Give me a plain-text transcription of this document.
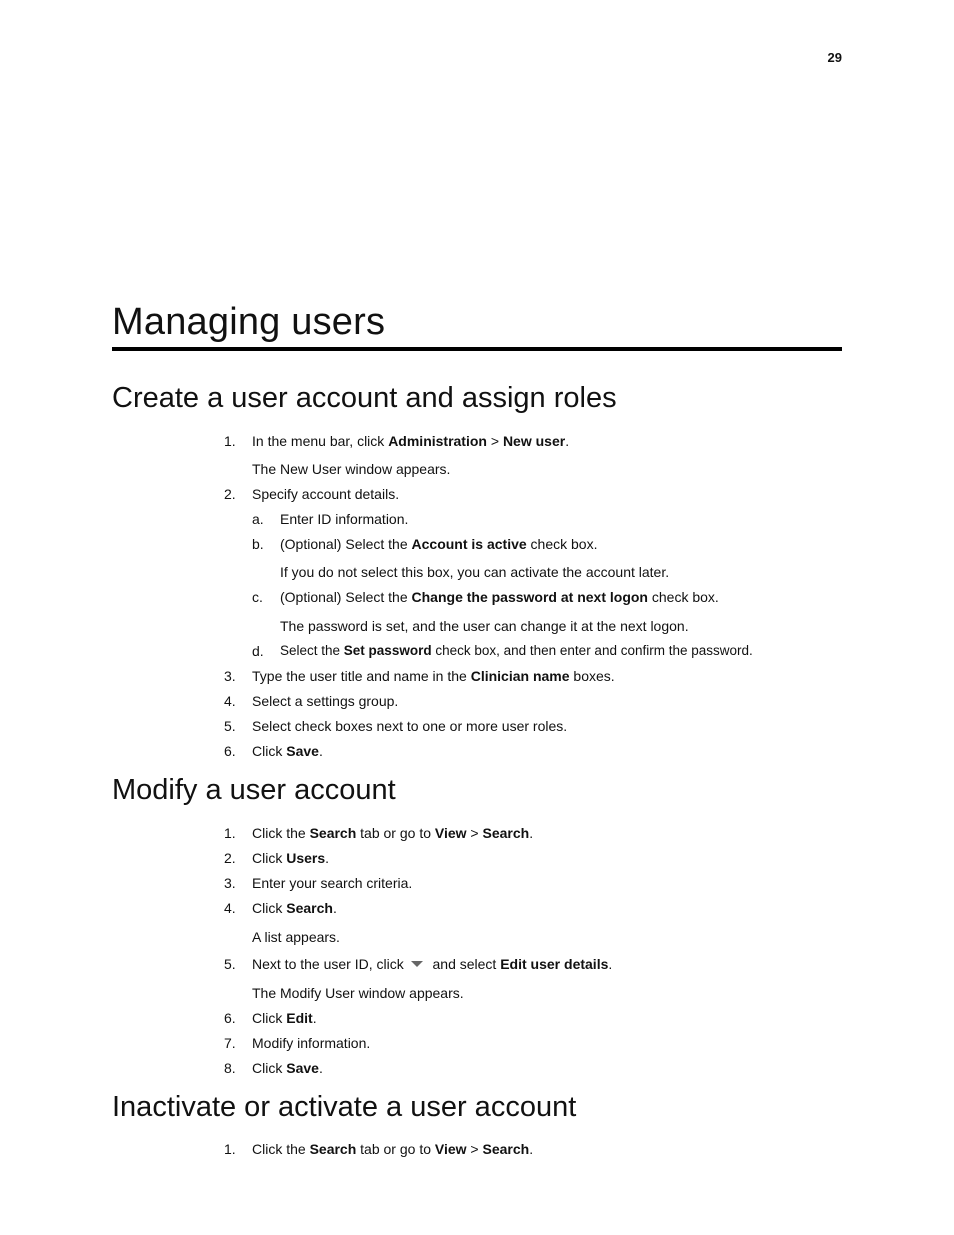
29
Managing users
Create a user account and assign roles
1. In the menu bar, click Administration > New user.
The New User window appears.
2. Specify account details.
a. Enter ID information.
b. (Optional) Select the Account is active check box.
If you do not select this box, you can activate the account later.
c. (Optional) Select the Change the password at next logon check box.
The password is set, and the user can change it at the next logon.
d. Select the Set password check box, and then enter and confirm the password.
3. Type the user title and name in the Clinician name boxes.
4. Select a settings group.
5. Select check boxes next to one or more user roles.
6. Click Save.
Modify a user account
1. Click the Search tab or go to View > Search.
2. Click Users.
3. Enter your search criteria.
4. Click Search.
A list appears.
5. Next to the user ID, click  and select Edit user details.
The Modify User window appears.
6. Click Edit.
7. Modify information.
8. Click Save.
Inactivate or activate a user account
1. Click the Search tab or go to View > Search.
